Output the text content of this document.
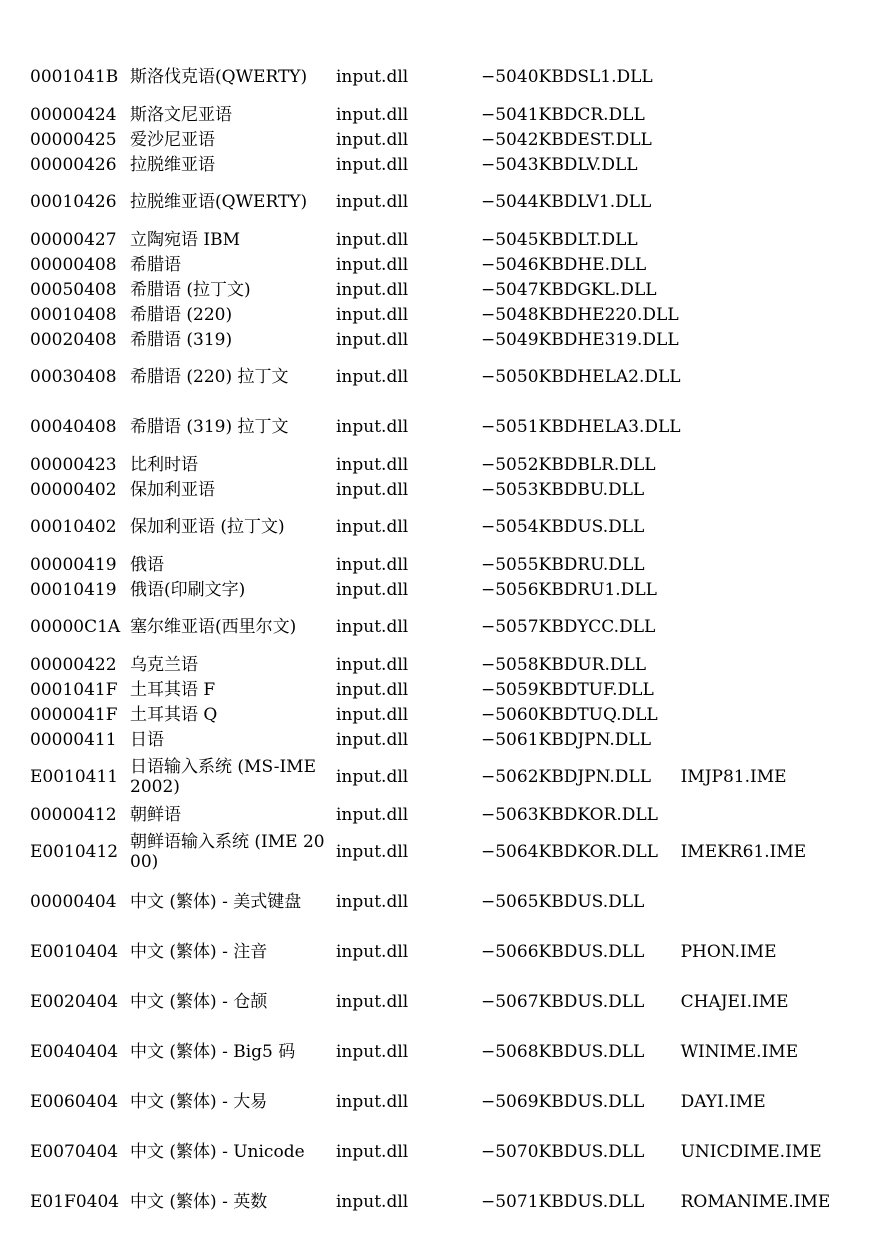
0001041B	斯洛伐克语(QWERTY)	input.dll	−5040	KBDSL1.DLL	
00000424	斯洛文尼亚语	input.dll	−5041	KBDCR.DLL	
00000425	爱沙尼亚语	input.dll	−5042	KBDEST.DLL	
00000426	拉脱维亚语	input.dll	−5043	KBDLV.DLL	
00010426	拉脱维亚语(QWERTY)	input.dll	−5044	KBDLV1.DLL	
00000427	立陶宛语 IBM	input.dll	−5045	KBDLT.DLL	
00000408	希腊语	input.dll	−5046	KBDHE.DLL	
00050408	希腊语 (拉丁文)	input.dll	−5047	KBDGKL.DLL	
00010408	希腊语 (220)	input.dll	−5048	KBDHE220.DLL	
00020408	希腊语 (319)	input.dll	−5049	KBDHE319.DLL	
00030408	希腊语 (220) 拉丁文	input.dll	−5050	KBDHELA2.DLL	
00040408	希腊语 (319) 拉丁文	input.dll	−5051	KBDHELA3.DLL	
00000423	比利时语	input.dll	−5052	KBDBLR.DLL	
00000402	保加利亚语	input.dll	−5053	KBDBU.DLL	
00010402	保加利亚语 (拉丁文)	input.dll	−5054	KBDUS.DLL	
00000419	俄语	input.dll	−5055	KBDRU.DLL	
00010419	俄语(印刷文字)	input.dll	−5056	KBDRU1.DLL	
00000C1A	塞尔维亚语(西里尔文)	input.dll	−5057	KBDYCC.DLL	
00000422	乌克兰语	input.dll	−5058	KBDUR.DLL	
0001041F	土耳其语 F	input.dll	−5059	KBDTUF.DLL	
0000041F	土耳其语 Q	input.dll	−5060	KBDTUQ.DLL	
00000411	日语	input.dll	−5061	KBDJPN.DLL	
E0010411	日语输入系统 (MS-IME2002)	input.dll	−5062	KBDJPN.DLL	IMJP81.IME
00000412	朝鲜语	input.dll	−5063	KBDKOR.DLL	
E0010412	朝鲜语输入系统 (IME 2000)	input.dll	−5064	KBDKOR.DLL	IMEKR61.IME
00000404	中文 (繁体) - 美式键盘	input.dll	−5065	KBDUS.DLL	
E0010404	中文 (繁体) - 注音	input.dll	−5066	KBDUS.DLL	PHON.IME
E0020404	中文 (繁体) - 仓颉	input.dll	−5067	KBDUS.DLL	CHAJEI.IME
E0040404	中文 (繁体) - Big5 码	input.dll	−5068	KBDUS.DLL	WINIME.IME
E0060404	中文 (繁体) - 大易	input.dll	−5069	KBDUS.DLL	DAYI.IME
E0070404	中文 (繁体) - Unicode	input.dll	−5070	KBDUS.DLL	UNICDIME.IME
E01F0404	中文 (繁体) - 英数	input.dll	−5071	KBDUS.DLL	ROMANIME.IME
